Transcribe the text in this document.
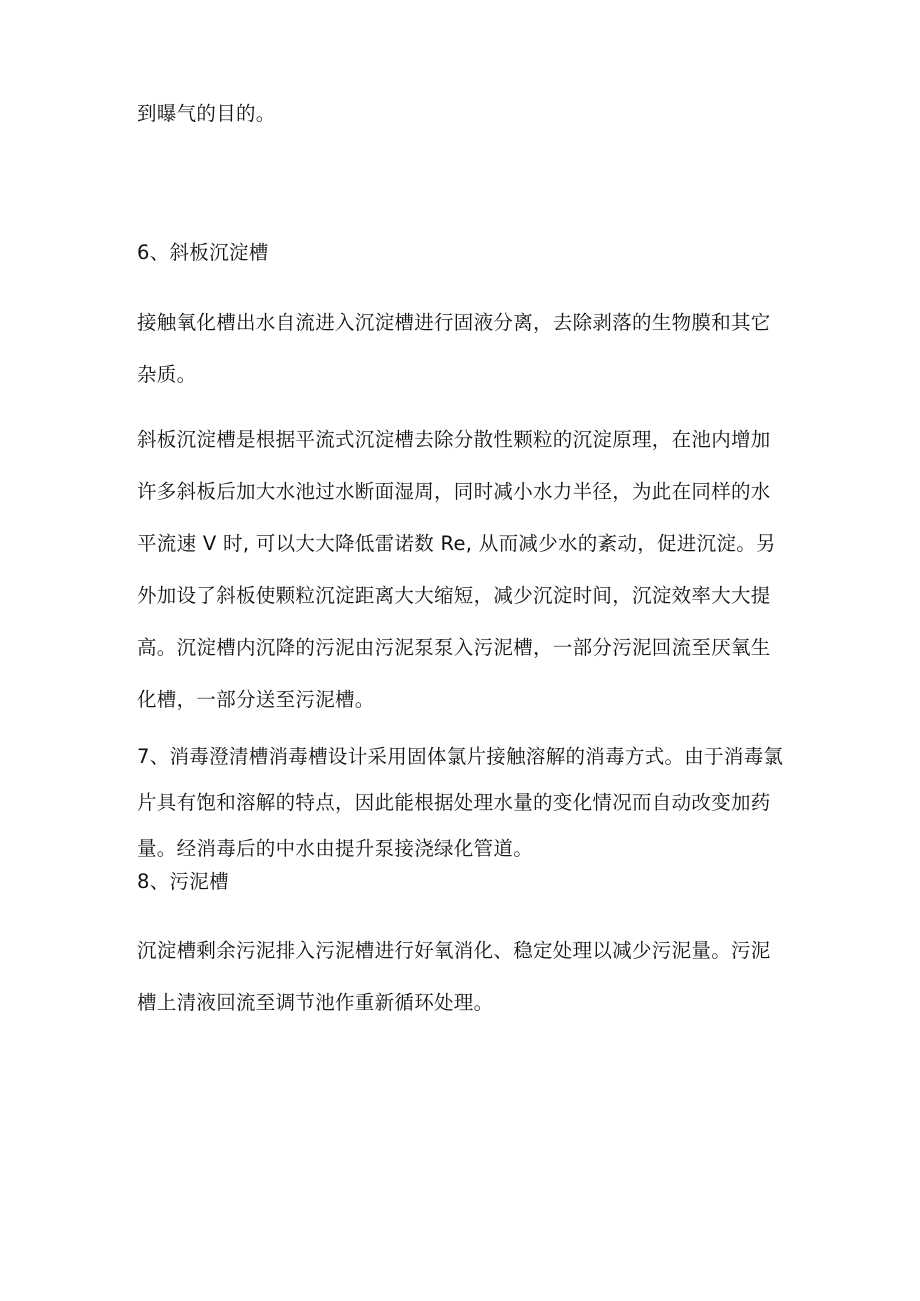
到曝气的目的。
6、斜板沉淀槽
接触氧化槽出水自流进入沉淀槽进行固液分离，去除剥落的生物膜和其它
杂质。
斜板沉淀槽是根据平流式沉淀槽去除分散性颗粒的沉淀原理，在池内增加
许多斜板后加大水池过水断面湿周，同时减小水力半径，为此在同样的水
平流速 V 时, 可以大大降低雷诺数 Re, 从而减少水的紊动，促进沉淀。另
外加设了斜板使颗粒沉淀距离大大缩短，减少沉淀时间，沉淀效率大大提
高。沉淀槽内沉降的污泥由污泥泵泵入污泥槽，一部分污泥回流至厌氧生
化槽，一部分送至污泥槽。
7、消毒澄清槽消毒槽设计采用固体氯片接触溶解的消毒方式。由于消毒氯
片具有饱和溶解的特点，因此能根据处理水量的变化情况而自动改变加药
量。经消毒后的中水由提升泵接浇绿化管道。
8、污泥槽
沉淀槽剩余污泥排入污泥槽进行好氧消化、稳定处理以减少污泥量。污泥
槽上清液回流至调节池作重新循环处理。
